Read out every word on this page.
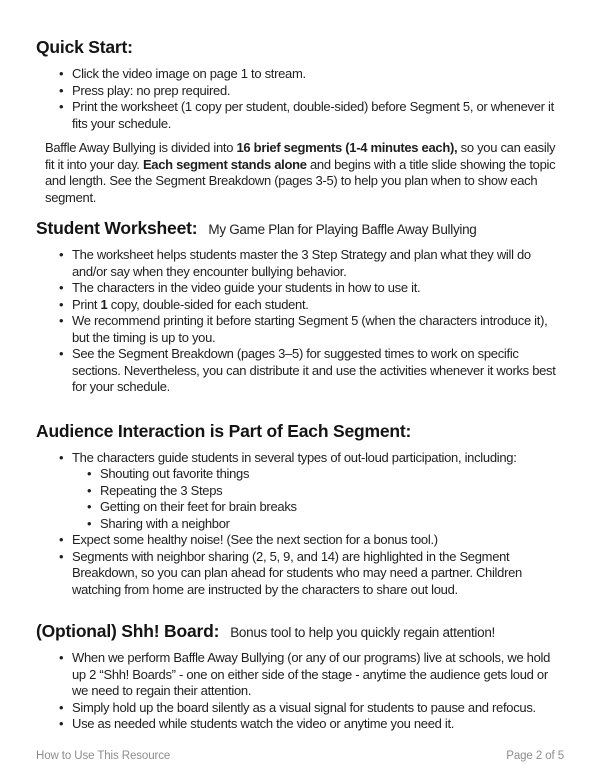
Quick Start:
• Click the video image on page 1 to stream.
• Press play: no prep required.
• Print the worksheet (1 copy per student, double-sided) before Segment 5, or whenever it fits your schedule.

Baffle Away Bullying is divided into 16 brief segments (1-4 minutes each), so you can easily fit it into your day. Each segment stands alone and begins with a title slide showing the topic and length. See the Segment Breakdown (pages 3-5) to help you plan when to show each segment.

Student Worksheet: My Game Plan for Playing Baffle Away Bullying
• The worksheet helps students master the 3 Step Strategy and plan what they will do and/or say when they encounter bullying behavior.
• The characters in the video guide your students in how to use it.
• Print 1 copy, double-sided for each student.
• We recommend printing it before starting Segment 5 (when the characters introduce it), but the timing is up to you.
• See the Segment Breakdown (pages 3–5) for suggested times to work on specific sections. Nevertheless, you can distribute it and use the activities whenever it works best for your schedule.
Audience Interaction is Part of Each Segment:
• The characters guide students in several types of out-loud participation, including:
• Shouting out favorite things
• Repeating the 3 Steps
• Getting on their feet for brain breaks
• Sharing with a neighbor
• Expect some healthy noise! (See the next section for a bonus tool.)
• Segments with neighbor sharing (2, 5, 9, and 14) are highlighted in the Segment Breakdown, so you can plan ahead for students who may need a partner. Children watching from home are instructed by the characters to share out loud.
(Optional) Shh! Board: Bonus tool to help you quickly regain attention!
• When we perform Baffle Away Bullying (or any of our programs) live at schools, we hold up 2 “Shh! Boards” - one on either side of the stage - anytime the audience gets loud or we need to regain their attention.
• Simply hold up the board silently as a visual signal for students to pause and refocus.
• Use as needed while students watch the video or anytime you need it.
How to Use This Resource	Page 2 of 5
